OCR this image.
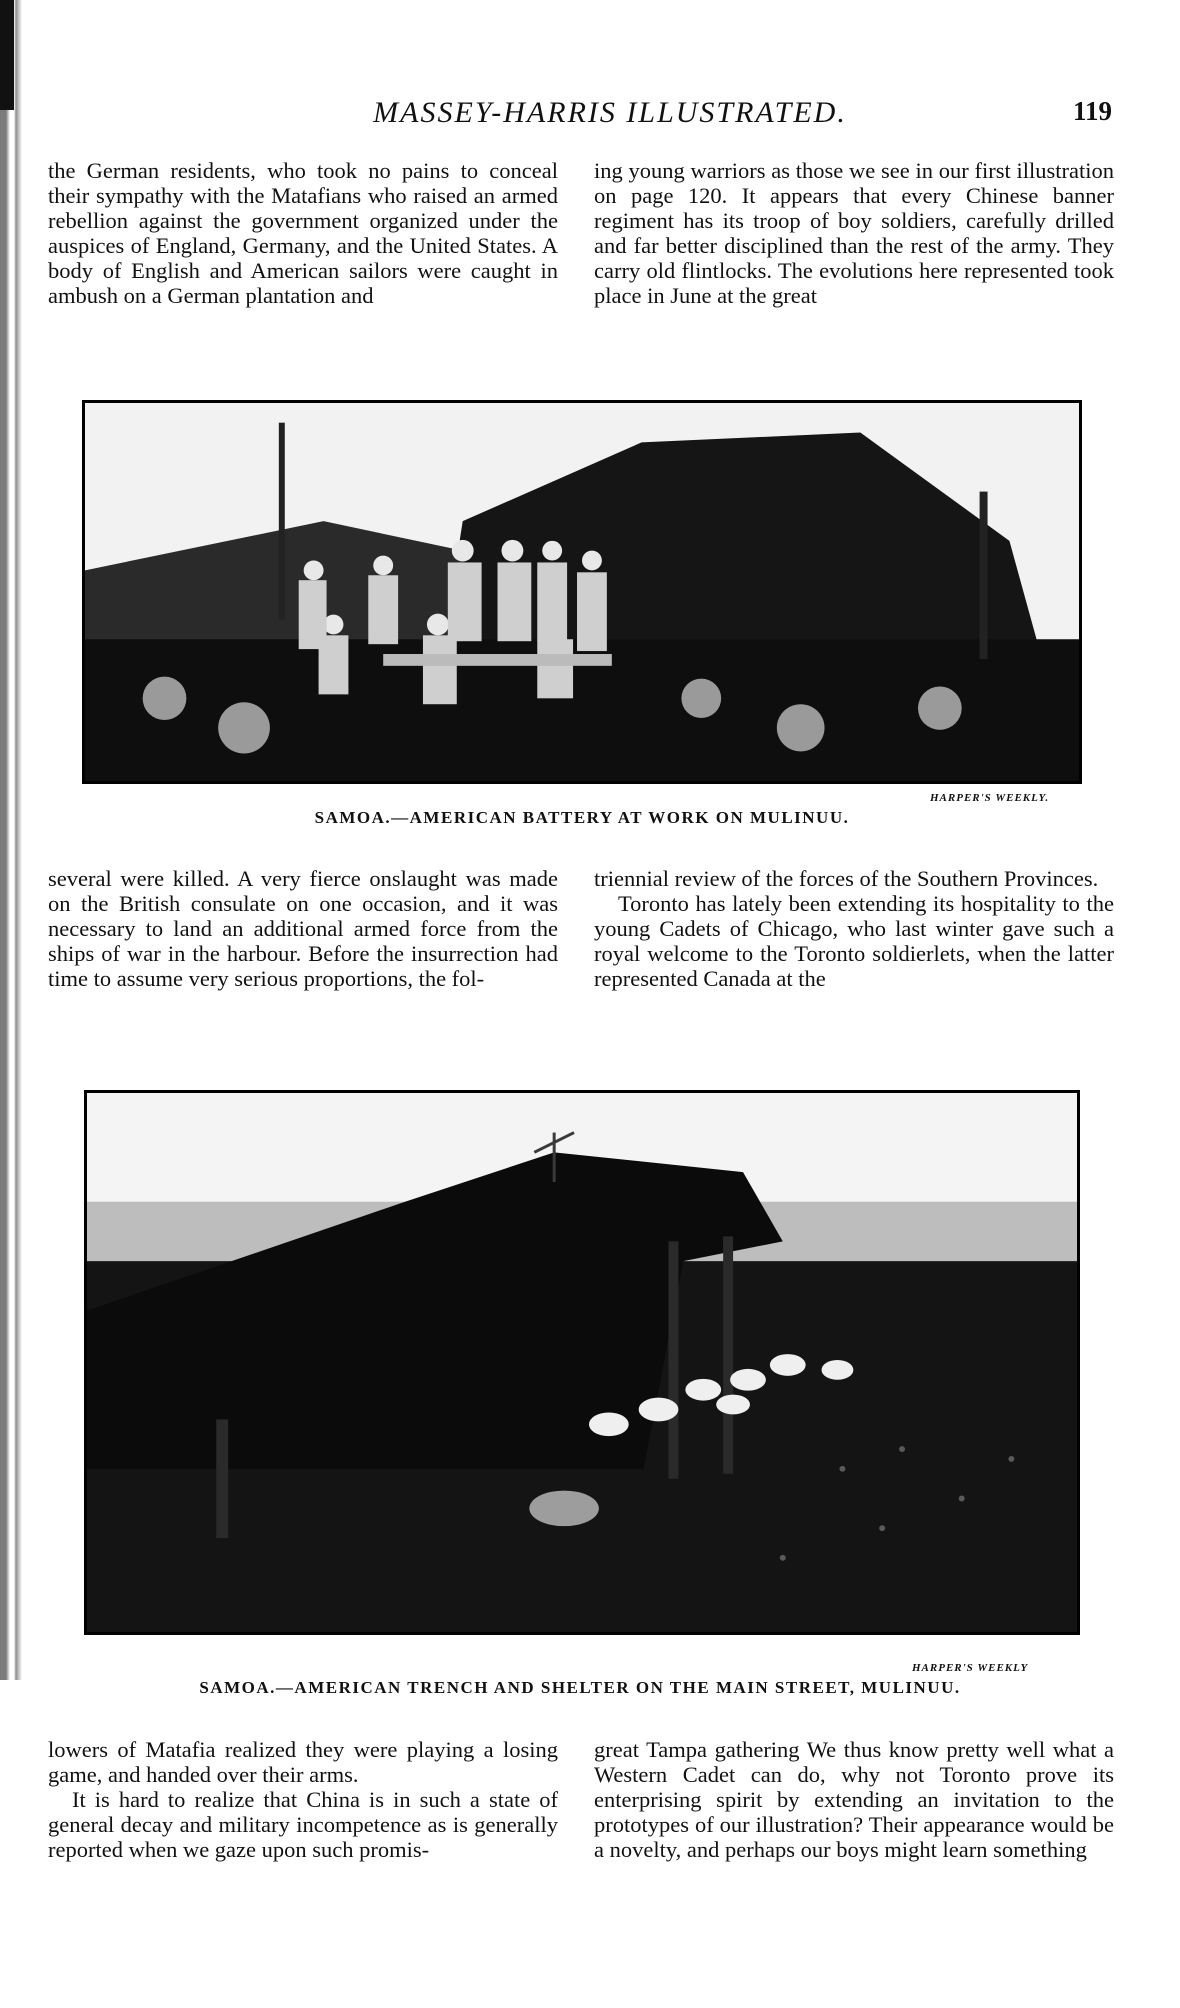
MASSEY-HARRIS ILLUSTRATED.	119

the German residents, who took no pains to conceal their sympathy with the Matafians who raised an armed rebellion against the government organized under the auspices of England, Germany, and the United States. A body of English and American sailors were caught in ambush on a German plantation and

ing young warriors as those we see in our first illustration on page 120. It appears that every Chinese banner regiment has its troop of boy soldiers, carefully drilled and far better disciplined than the rest of the army. They carry old flintlocks. The evolutions here represented took place in June at the great

HARPER'S WEEKLY.
SAMOA.—AMERICAN BATTERY AT WORK ON MULINUU.

several were killed. A very fierce onslaught was made on the British consulate on one occasion, and it was necessary to land an additional armed force from the ships of war in the harbour. Before the insurrection had time to assume very serious proportions, the fol-

triennial review of the forces of the Southern Provinces.

Toronto has lately been extending its hospitality to the young Cadets of Chicago, who last winter gave such a royal welcome to the Toronto soldierlets, when the latter represented Canada at the

HARPER'S WEEKLY
SAMOA.—AMERICAN TRENCH AND SHELTER ON THE MAIN STREET, MULINUU.

lowers of Matafia realized they were playing a losing game, and handed over their arms.

It is hard to realize that China is in such a state of general decay and military incompetence as is generally reported when we gaze upon such promis-

great Tampa gathering We thus know pretty well what a Western Cadet can do, why not Toronto prove its enterprising spirit by extending an invitation to the prototypes of our illustration? Their appearance would be a novelty, and perhaps our boys might learn something
